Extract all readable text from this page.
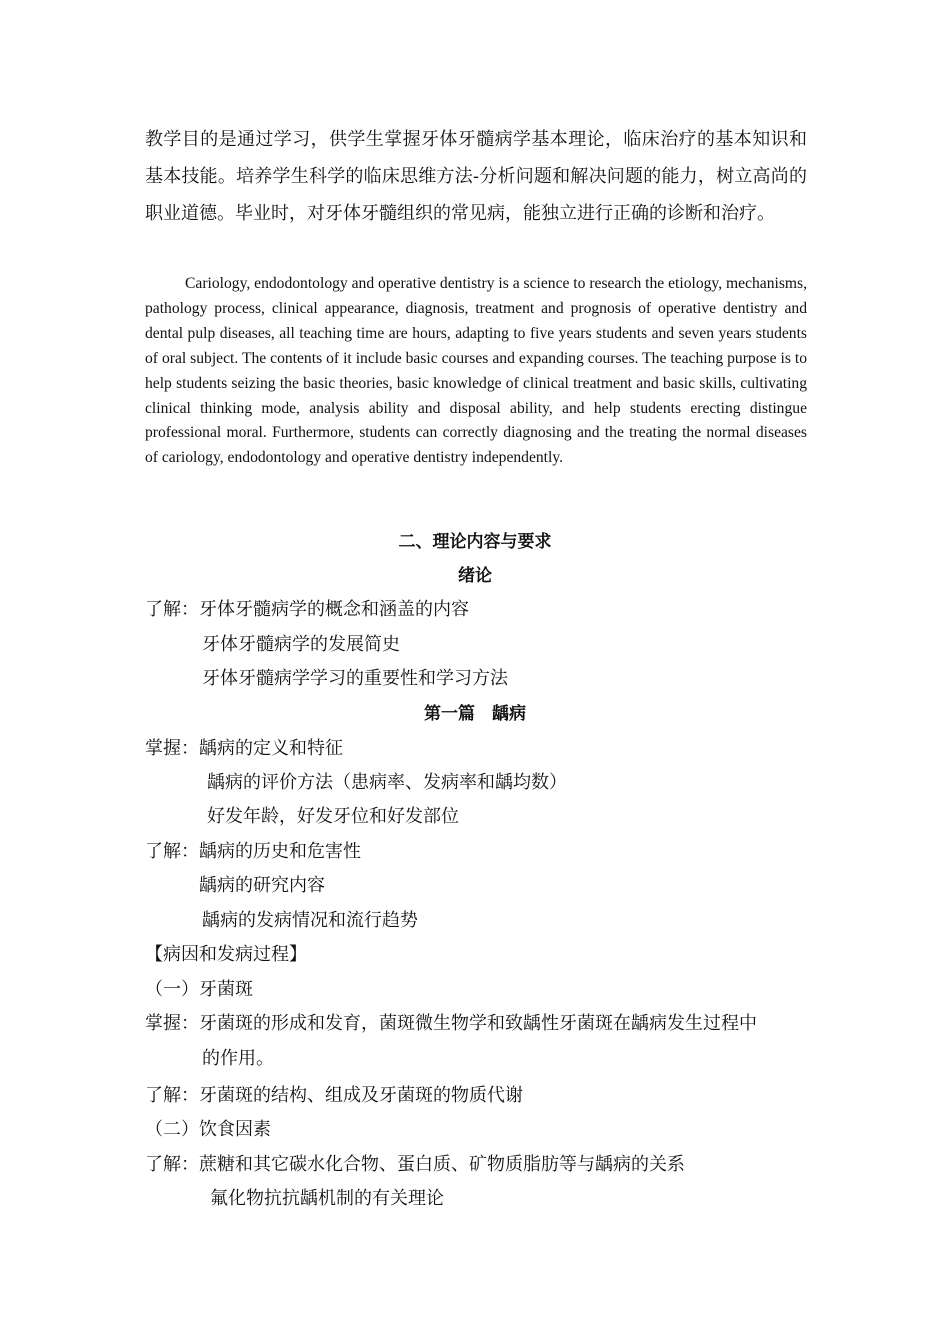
教学目的是通过学习，供学生掌握牙体牙髓病学基本理论，临床治疗的基本知识和基本技能。培养学生科学的临床思维方法-分析问题和解决问题的能力，树立高尚的职业道德。毕业时，对牙体牙髓组织的常见病，能独立进行正确的诊断和治疗。

Cariology, endodontology and operative dentistry is a science to research the etiology, mechanisms, pathology process, clinical appearance, diagnosis, treatment and prognosis of operative dentistry and dental pulp diseases, all teaching time are hours, adapting to five years students and seven years students of oral subject. The contents of it include basic courses and expanding courses. The teaching purpose is to help students seizing the basic theories, basic knowledge of clinical treatment and basic skills, cultivating clinical thinking mode, analysis ability and disposal ability, and help students erecting distingue professional moral. Furthermore, students can correctly diagnosing and the treating the normal diseases of cariology, endodontology and operative dentistry independently.

二、理论内容与要求

绪论

了解：牙体牙髓病学的概念和涵盖的内容

牙体牙髓病学的发展简史

牙体牙髓病学学习的重要性和学习方法

第一篇　龋病

掌握：龋病的定义和特征

龋病的评价方法（患病率、发病率和龋均数）

好发年龄，好发牙位和好发部位

了解：龋病的历史和危害性

龋病的研究内容

龋病的发病情况和流行趋势

【病因和发病过程】

（一）牙菌斑

掌握：牙菌斑的形成和发育，菌斑微生物学和致龋性牙菌斑在龋病发生过程中

的作用。

了解：牙菌斑的结构、组成及牙菌斑的物质代谢

（二）饮食因素

了解：蔗糖和其它碳水化合物、蛋白质、矿物质脂肪等与龋病的关系

氟化物抗抗龋机制的有关理论
